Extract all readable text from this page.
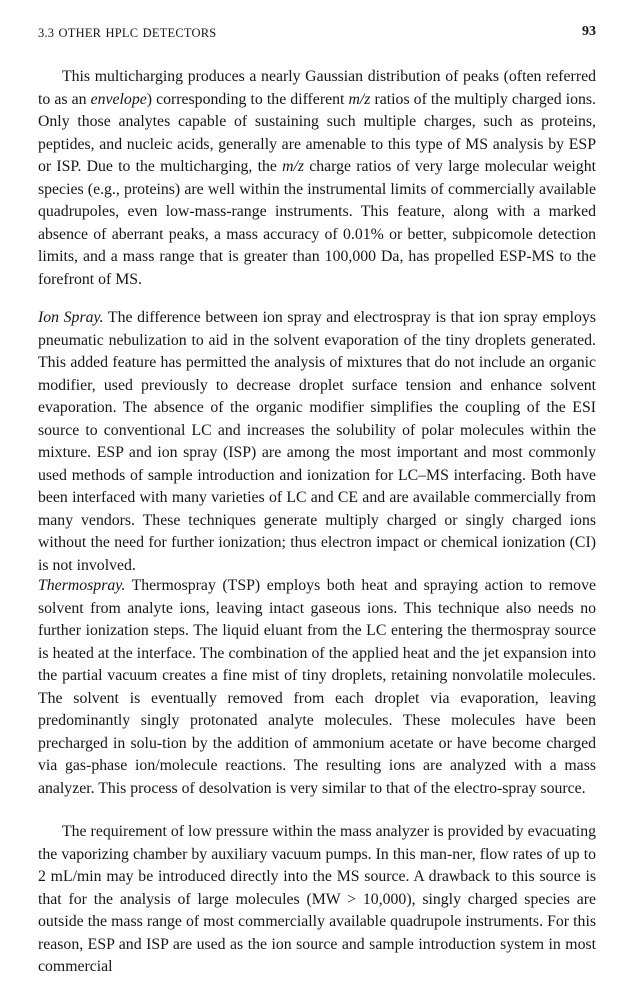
3.3 OTHER HPLC DETECTORS	93

This multicharging produces a nearly Gaussian distribution of peaks (often referred to as an envelope) corresponding to the different m/z ratios of the multiply charged ions. Only those analytes capable of sustaining such multiple charges, such as proteins, peptides, and nucleic acids, generally are amenable to this type of MS analysis by ESP or ISP. Due to the multicharging, the m/z charge ratios of very large molecular weight species (e.g., proteins) are well within the instrumental limits of commercially available quadrupoles, even low-mass-range instruments. This feature, along with a marked absence of aberrant peaks, a mass accuracy of 0.01% or better, subpicomole detection limits, and a mass range that is greater than 100,000 Da, has propelled ESP-MS to the forefront of MS.

Ion Spray. The difference between ion spray and electrospray is that ion spray employs pneumatic nebulization to aid in the solvent evaporation of the tiny droplets generated. This added feature has permitted the analysis of mixtures that do not include an organic modifier, used previously to decrease droplet surface tension and enhance solvent evaporation. The absence of the organic modifier simplifies the coupling of the ESI source to conventional LC and increases the solubility of polar molecules within the mixture. ESP and ion spray (ISP) are among the most important and most commonly used methods of sample introduction and ionization for LC–MS interfacing. Both have been interfaced with many varieties of LC and CE and are available commercially from many vendors. These techniques generate multiply charged or singly charged ions without the need for further ionization; thus electron impact or chemical ionization (CI) is not involved.

Thermospray. Thermospray (TSP) employs both heat and spraying action to remove solvent from analyte ions, leaving intact gaseous ions. This technique also needs no further ionization steps. The liquid eluant from the LC entering the thermospray source is heated at the interface. The combination of the applied heat and the jet expansion into the partial vacuum creates a fine mist of tiny droplets, retaining nonvolatile molecules. The solvent is eventually removed from each droplet via evaporation, leaving predominantly singly protonated analyte molecules. These molecules have been precharged in solu-tion by the addition of ammonium acetate or have become charged via gas-phase ion/molecule reactions. The resulting ions are analyzed with a mass analyzer. This process of desolvation is very similar to that of the electro-spray source.

The requirement of low pressure within the mass analyzer is provided by evacuating the vaporizing chamber by auxiliary vacuum pumps. In this man-ner, flow rates of up to 2 mL/min may be introduced directly into the MS source. A drawback to this source is that for the analysis of large molecules (MW > 10,000), singly charged species are outside the mass range of most commercially available quadrupole instruments. For this reason, ESP and ISP are used as the ion source and sample introduction system in most commercial
